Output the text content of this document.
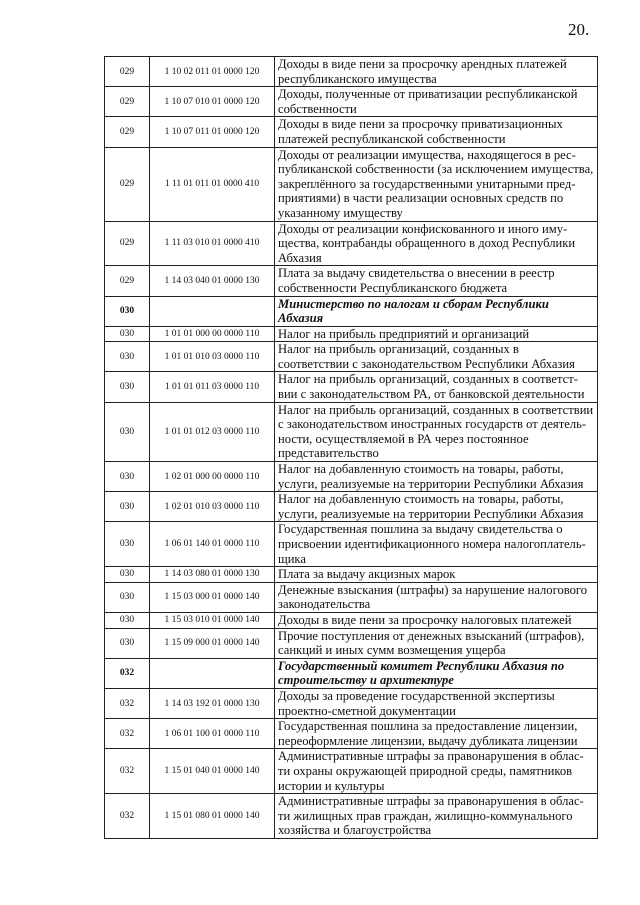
20.
029	1 10 02 011 01 0000 120	Доходы в виде пени за просрочку арендных платежей
республиканского имущества

029	1 10 07 010 01 0000 120	Доходы, полученные от приватизации республиканской
собственности

029	1 10 07 011 01 0000 120	Доходы в виде пени за просрочку приватизационных
платежей республиканской собственности

029	1 11 01 011 01 0000 410	Доходы от реализации имущества, находящегося в рес-
публиканской собственности (за исключением имущества,
закреплённого за государственными унитарными пред-
приятиями) в части реализации основных средств по
указанному имуществу

029	1 11 03 010 01 0000 410	Доходы от реализации конфискованного и иного иму-
щества, контрабанды обращенного в доход Республики
Абхазия

029	1 14 03 040 01 0000 130	Плата за выдачу свидетельства о внесении в реестр
собственности Республиканского бюджета

030		Министерство по налогам и сборам Республики
Абхазия

030	1 01 01 000 00 0000 110	Налог на прибыль предприятий и организаций

030	1 01 01 010 03 0000 110	Налог на прибыль организаций, созданных в
соответствии с законодательством Республики Абхазия

030	1 01 01 011 03 0000 110	Налог на прибыль организаций, созданных в соответст-
вии с законодательством РА, от банковской деятельности

030	1 01 01 012 03 0000 110	Налог на прибыль организаций, созданных в соответствии
с законодательством иностранных государств от деятель-
ности, осуществляемой в РА через постоянное
представительство

030	1 02 01 000 00 0000 110	Налог на добавленную стоимость на товары, работы,
услуги, реализуемые на территории Республики Абхазия

030	1 02 01 010 03 0000 110	Налог на добавленную стоимость на товары, работы,
услуги, реализуемые на территории Республики Абхазия

030	1 06 01 140 01 0000 110	Государственная пошлина за выдачу свидетельства о
присвоении идентификационного номера налогоплатель-
щика

030	1 14 03 080 01 0000 130	Плата за выдачу акцизных марок

030	1 15 03 000 01 0000 140	Денежные взыскания (штрафы) за нарушение налогового
законодательства

030	1 15 03 010 01 0000 140	Доходы в виде пени за просрочку налоговых платежей

030	1 15 09 000 01 0000 140	Прочие поступления от денежных взысканий (штрафов),
санкций и иных сумм возмещения ущерба

032		Государственный комитет Республики Абхазия по
строительству и архитектуре

032	1 14 03 192 01 0000 130	Доходы за проведение государственной экспертизы
проектно-сметной документации

032	1 06 01 100 01 0000 110	Государственная пошлина за предоставление лицензии,
переоформление лицензии, выдачу дубликата лицензии

032	1 15 01 040 01 0000 140	Административные штрафы за правонарушения в облас-
ти охраны окружающей природной среды, памятников
истории и культуры

032	1 15 01 080 01 0000 140	Административные штрафы за правонарушения в облас-
ти жилищных прав граждан, жилищно-коммунального
хозяйства и благоустройства
